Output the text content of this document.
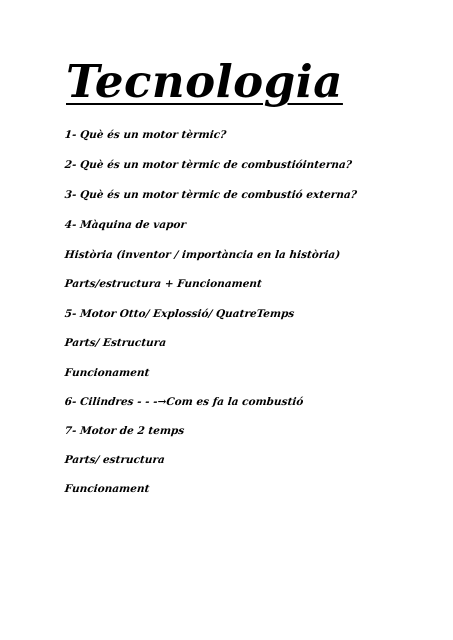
Tecnologia

1- Què és un motor tèrmic?

2- Què és un motor tèrmic de combustióinterna?

3- Què és un motor tèrmic de combustió externa?

4- Màquina de vapor

Història (inventor / importància en la història)

Parts/estructura + Funcionament

5- Motor Otto/ Explossió/ QuatreTemps

Parts/ Estructura

Funcionament

6- Cilindres - - -→Com es fa la combustió

7- Motor de 2 temps

Parts/ estructura

Funcionament
